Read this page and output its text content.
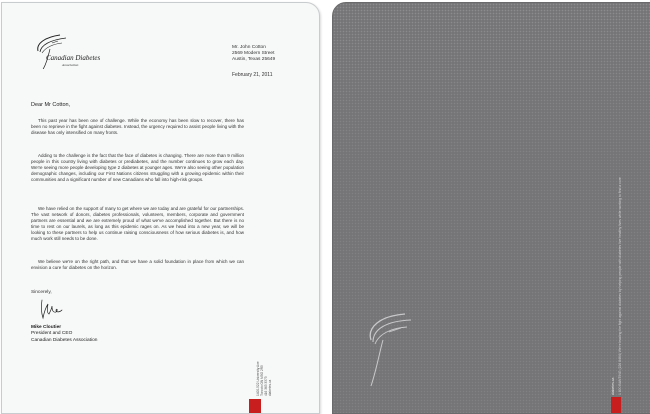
Canadian Diabetes
Association
Mr. John Cotton
2569 Modern Street
Austin, Texas 25649
February 21, 2011
Dear Mr Cotton,

This past year has been one of challenge. While the economy has been slow to recover, there has been no reprieve in the fight against diabetes. Instead, the urgency required to assist people living with the disease has only intensified on many fronts.

Adding to the challenge is the fact that the face of diabetes is changing. There are more than 9 million people in this country living with diabetes or prediabetes, and the number continues to grow each day. We're seeing more people developing type 2 diabetes at younger ages. We're also seeing other population demographic changes, including our First Nations citizens struggling with a growing epidemic within their communities and a significant number of new Canadians who fall into high-risk groups.

We have relied on the support of many to get where we are today and are grateful for our partnerships. The vast network of donors, diabetes professionals, volunteers, members, corporate and government partners are essential and we are extremely proud of what we've accomplished together. But there is no time to rest on our laurels, as long as this epidemic rages on. As we head into a new year, we will be looking to these partners to help us continue raising consciousness of how serious diabetes is, and how much work still needs to be done.

We believe we're on the right path, and that we have a solid foundation in place from which we can envision a cure for diabetes on the horizon.

Sincerely,
Mike Cloutier
President and CEO
Canadian Diabetes Association
1400-522 University Ave Toronto ON M5G 2R5 416 363 3373 diabetes.ca	diabetes.ca 1 800 BANTING (226 8464) We're leading the fight against diabetes by helping people with diabetes live healthy lives while working to find a cure
